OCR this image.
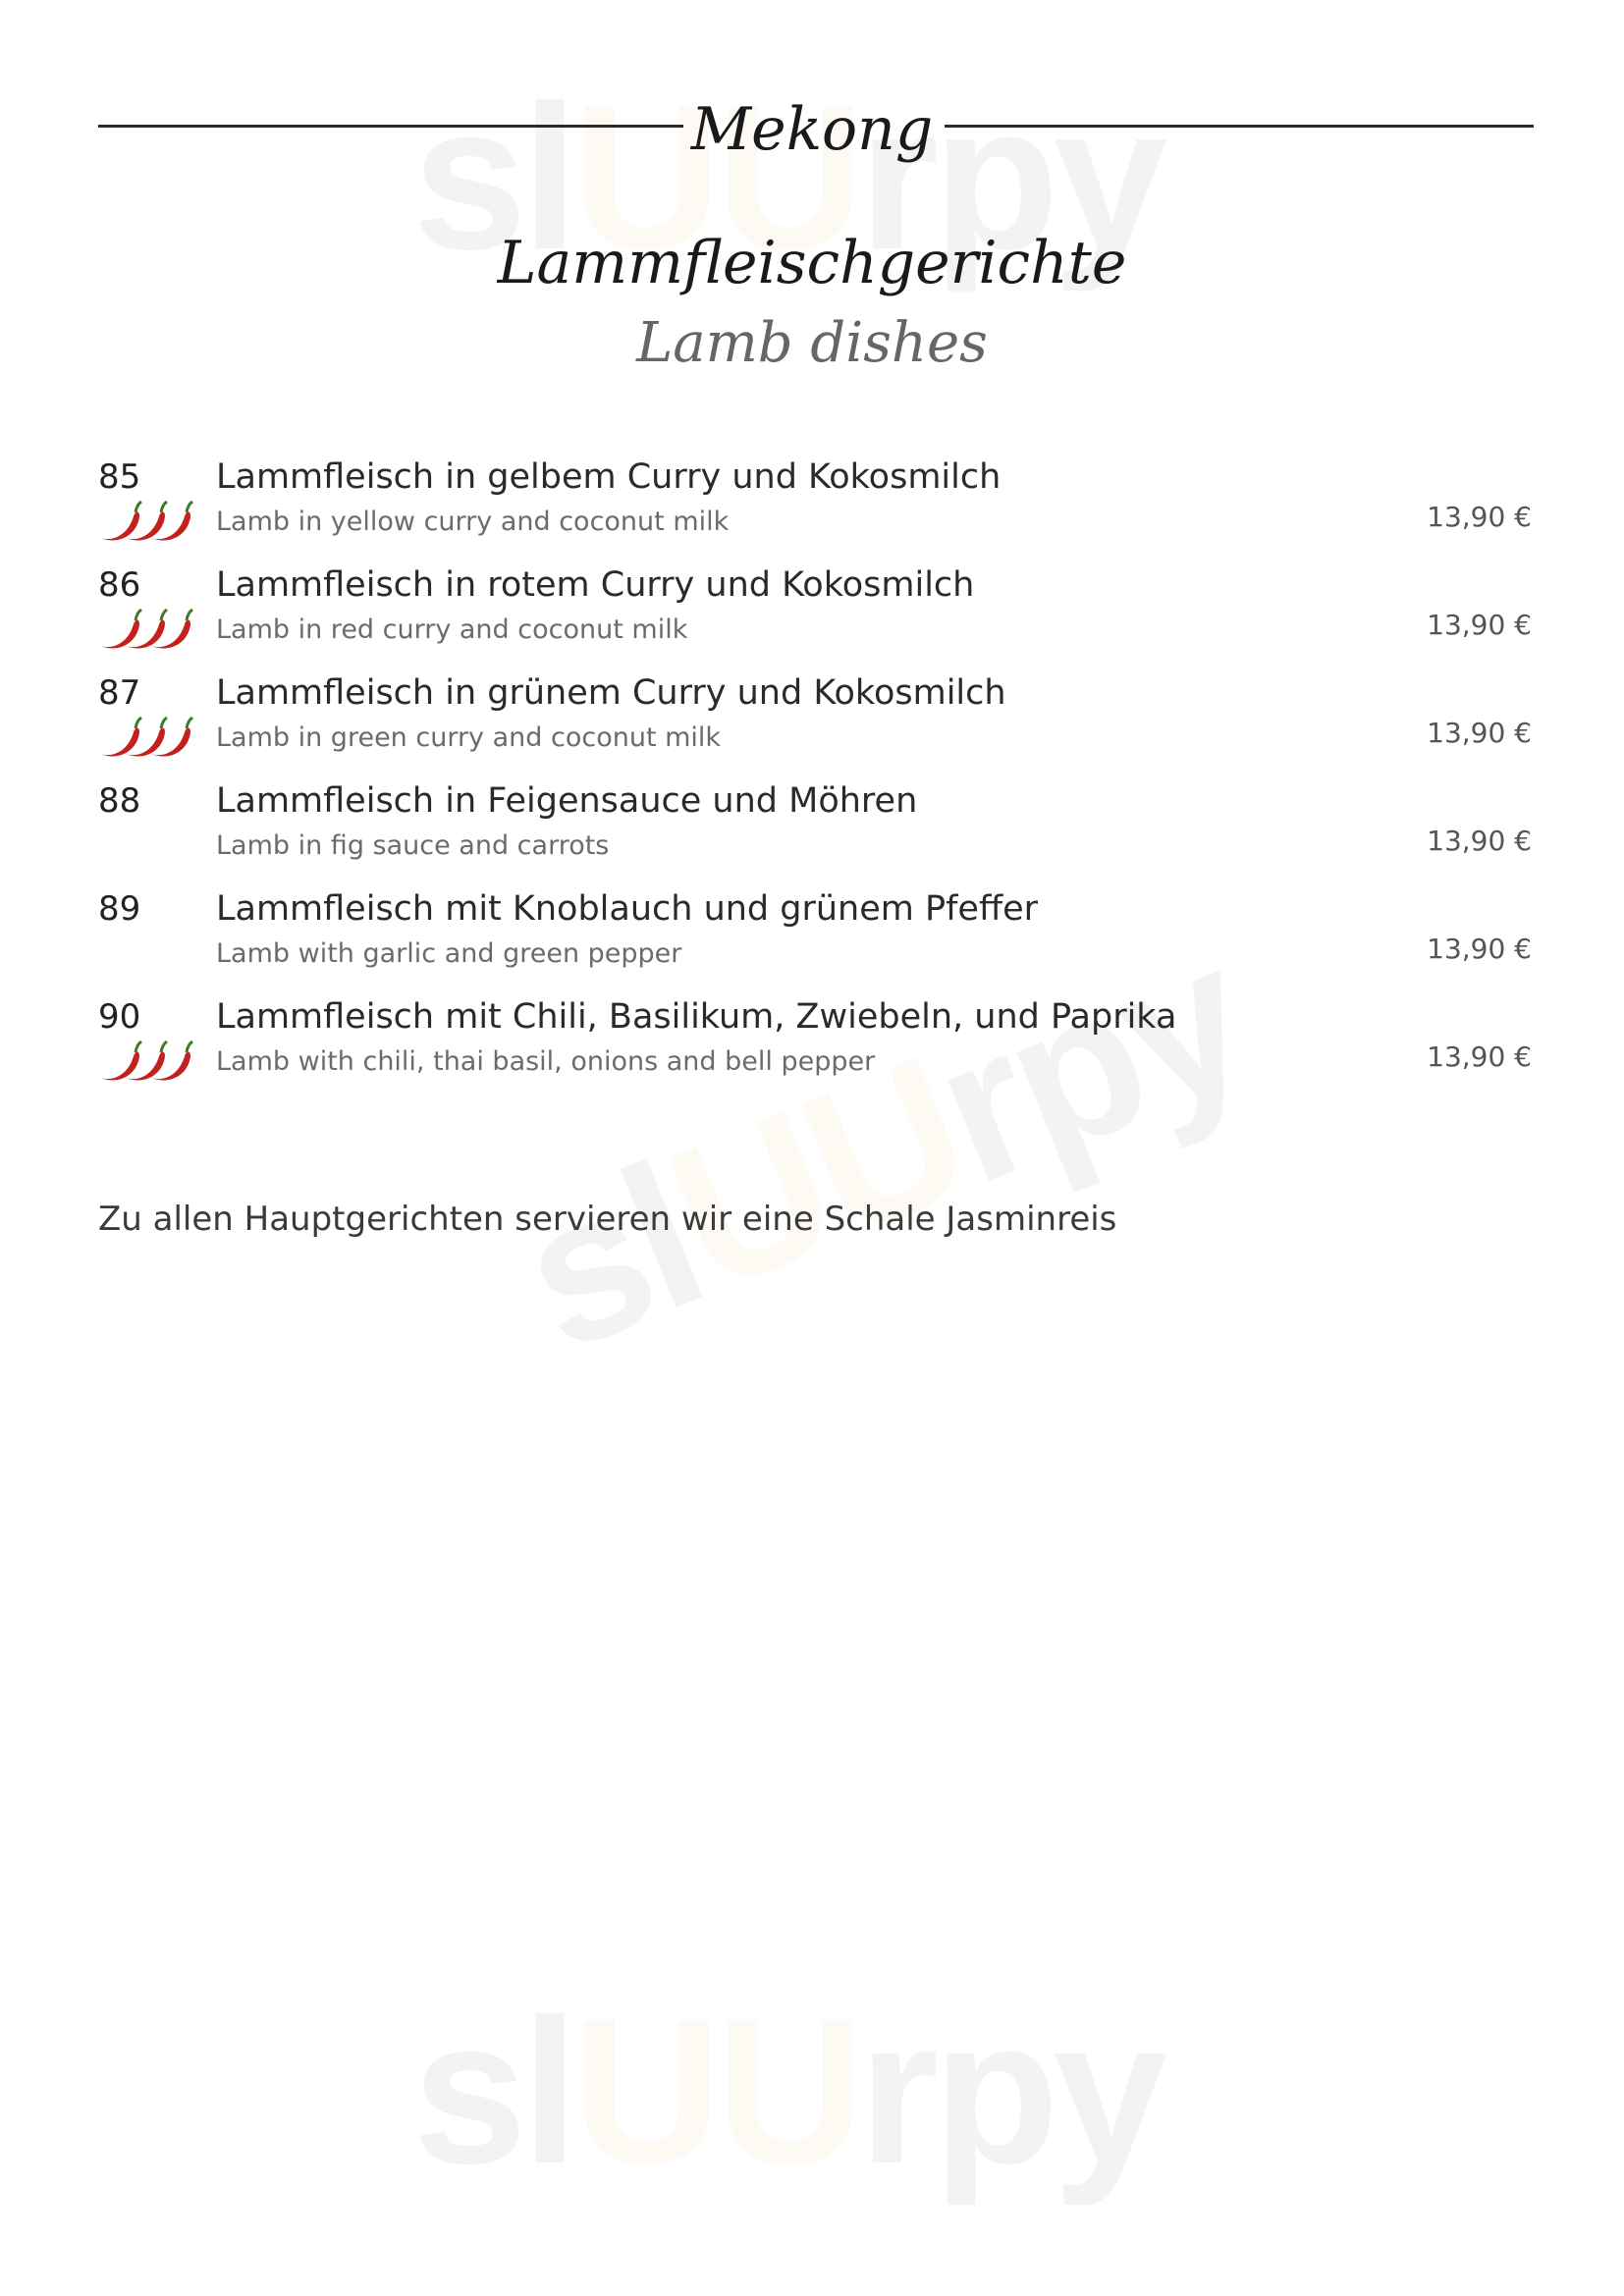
Mekong
Lammfleischgerichte
Lamb dishes
85 Lammfleisch in gelbem Curry und Kokosmilch
Lamb in yellow curry and coconut milk	13,90 €
86 Lammfleisch in rotem Curry und Kokosmilch
Lamb in red curry and coconut milk	13,90 €
87 Lammfleisch in grünem Curry und Kokosmilch
Lamb in green curry and coconut milk	13,90 €
88 Lammfleisch in Feigensauce und Möhren
Lamb in fig sauce and carrots	13,90 €
89 Lammfleisch mit Knoblauch und grünem Pfeffer
Lamb with garlic and green pepper	13,90 €
90 Lammfleisch mit Chili, Basilikum, Zwiebeln, und Paprika
Lamb with chili, thai basil, onions and bell pepper	13,90 €
Zu allen Hauptgerichten servieren wir eine Schale Jasminreis
